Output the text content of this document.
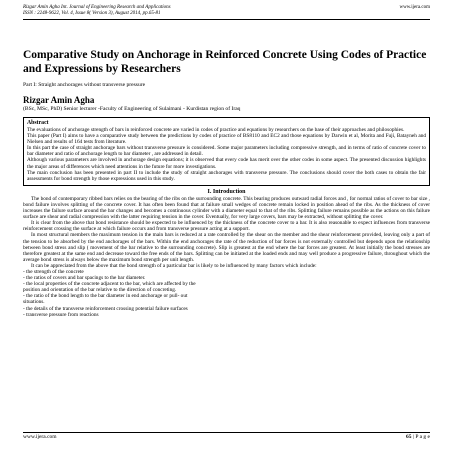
Rizgar Amin Agha Int. Journal of Engineering Research and Applications
ISSN : 2248-9622, Vol. 4, Issue 8( Version 3), August 2014, pp.65-81
www.ijera.com
Comparative Study on Anchorage in Reinforced Concrete Using Codes of Practice and Expressions by Researchers
Part I: Straight anchorages without transverse pressure
Rizgar Amin Agha
(BSc, MSc, PhD) Senior lecturer -Faculty of Engineering of Sulaimani - Kurdistan region of Iraq
Abstract

The evaluations of anchorage strength of bars in reinforced concrete are varied in codes of practice and equations by researchers on the base of their approaches and philosophies.

This paper (Part I) aims to have a comparative study between the predictions by codes of practice of BS8110 and EC2 and those equations by Darwin et al, Morita and Fuji, Batayneh and Nielsen and results of 164 tests from literature.

In this part the case of straight anchorage bars without transverse pressure is considered. Some major parameters including compressive strength, and in terms of ratio of concrete cover to bar diameter and ratio of anchorage length to bar diameter , are addressed in detail.

Although various parameters are involved in anchorage design equations; it is observed that every code has merit over the other codes in some aspect. The presented discussion highlights the major areas of differences which need attentions in the future for more investigations.

The main conclusion has been presented in part II to include the study of straight anchorages with transverse pressure. The conclusions should cover the both cases to obtain the fair assessments for bond strength by those expressions used in this study.

I. Introduction

The bond of contemporary ribbed bars relies on the bearing of the ribs on the surrounding concrete. This bearing produces outward radial forces and , for normal ratios of cover to bar size , bond failure involves splitting of the concrete cover. It has often been found that at failure small wedges of concrete remain locked in position ahead of the ribs. As the thickness of cover increases the failure surface around the bar changes and becomes a continuous cylinder with a diameter equal to that of the ribs. Splitting failure remains possible as the actions on this failure surface are shear and radial compression with the latter requiring tension in the cover. Eventually, for very large covers, bars may be extracted, without splitting the cover.

It is clear from the above that bond resistance should be expected to be influenced by the thickness of the concrete cover to a bar. It is also reasonable to expect influences from transverse reinforcement crossing the surface at which failure occurs and from transverse pressure acting at a support.

In most structural members the maximum tension in the main bars is reduced at a rate controlled by the shear on the member and the shear reinforcement provided, leaving only a part of the tension to be absorbed by the end anchorages of the bars. Within the end anchorages the rate of the reduction of bar forces is not externally controlled but depends upon the relationship between bond stress and slip ( movement of the bar relative to the surrounding concrete). Slip is greatest at the end where the bar forces are greatest. At least initially the bond stresses are therefore greatest at the same end and decrease toward the free ends of the bars. Splitting can be initiated at the loaded ends and may well produce a progressive failure, throughout which the average bond stress is always below the maximum bond strength per unit length.

It can be appreciated from the above that the bond strength of a particular bar is likely to be influenced by many factors which include:

- the strength of the concrete
- the ratios of covers and bar spacings to the bar diameter.
- the local properties of the concrete adjacent to the bar, which are affected by the
position and orientation of the bar relative to the direction of concreting.
- the ratio of the bond length to the bar diameter in end anchorage or pull- out
situations.
- the details of the transverse reinforcement crossing potential failure surfaces
- transverse pressure from reactions
www.ijera.com	65 | P a g e
